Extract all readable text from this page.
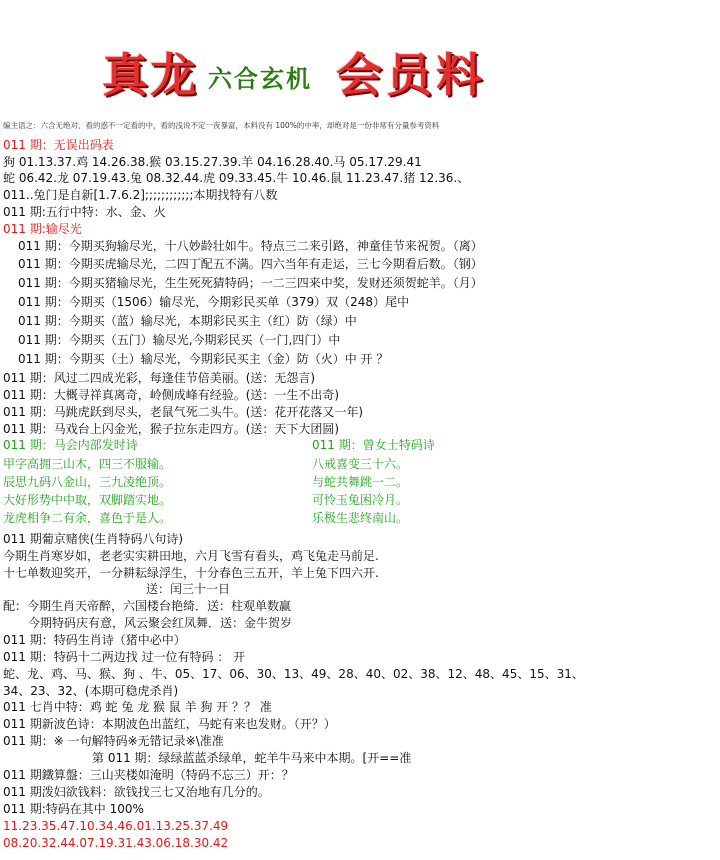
真 龙 六合玄机 会 员 料
编主语之：六合无绝对，看的惑不一定看的中，看的浅说不定一夜暴富，本料没有 100%的中率，却绝对是一份非常有分量参考资料
011 期：无误出码表
狗 01.13.37.鸡 14.26.38.猴 03.15.27.39.羊 04.16.28.40.马 05.17.29.41
蛇 06.42.龙 07.19.43.兔 08.32.44.虎 09.33.45.牛 10.46.鼠 11.23.47.猪 12.36.、
011..兔门是自新[1.7.6.2];;;;;;;;;;;;本期找特有八数
011 期:五行中特：水、金、火
011 期:输尽光
011 期：今期买狗输尽光，十八妙龄壮如牛。特点三二来引路，神童佳节来祝贺。（离）
011 期：今期买虎输尽光，二四丁配五不满。四六当年有走运，三七今期看后数。（钢）
011 期：今期买猪输尽光，生生死死猜特码；一二三四来中奖，发财还须贺蛇羊。（月）
011 期：今期买（1506）输尽光，今期彩民买单（379）双（248）尾中
011 期：今期买（蓝）输尽光，本期彩民买主（红）防（绿）中
011 期：今期买（五门）输尽光,今期彩民买（一门,四门）中
011 期：今期买（土）输尽光，今期彩民买主（金）防（火）中 开 ？
011 期：风过二四成光彩，每逢佳节倍美丽。(送：无怨言)
011 期：大概寻祥真离奇，岭侧成峰有经验。(送：一生不出奇)
011 期：马跳虎跃到尽头，老鼠气死二头牛。(送：花开花落又一年)
011 期：马戏台上闪金光，猴子拉东走四方。(送：天下大团圆)
011 期：马会内部发时诗	011 期：曾女士特码诗
甲字高拥三山木，四三不服输。	八戒喜变三十六。
辰思九码八金山，三九凌绝顶。	与蛇共舞跳一二。
大好形势中中取，双脚踏实地。	可怜玉兔困冷月。
龙虎相争二有余，喜色于是人。	乐极生悲终南山。
011 期葡京赌侠(生肖特码八句诗)
今期生肖寒岁如，老老实实耕田地，六月飞雪有看头，鸡飞兔走马前足.
十七单数迎奖开，一分耕耘绿浮生，十分春色三五开，羊上兔下四六开.
送：闰三十一日
配：今期生肖天帝醉，六国楼台艳绮．送：柱观单数赢
今期特码庆有意，风云聚会红凤舞．送：金牛贺岁
011 期：特码生肖诗（猪中必中）
011 期：特码十二两边找 过一位有特码 ： 开
蛇、龙、鸡、马、猴、狗 、牛、05、17、06、30、13、49、28、40、02、38、12、48、45、15、31、
34、23、32、(本期可稳虎杀肖)
011 七肖中特：鸡 蛇 兔 龙 猴 鼠 羊 狗 开 ？？ 准
011 期新波色诗：本期波色出蓝红，马蛇有来也发财。（开？）
011 期：※ 一句解特码※无错记录※\准准
第 011 期：绿绿蓝蓝杀绿单，蛇羊牛马来中本期。[开==准
011 期鐵算盤：三山夹楼如淹明（特码不忘三）开：？
011 期泼妇欲钱料：欲钱找三七又治地有几分的。
011 期:特码在其中 100%
11.23.35.47.10.34.46.01.13.25.37.49
08.20.32.44.07.19.31.43.06.18.30.42
